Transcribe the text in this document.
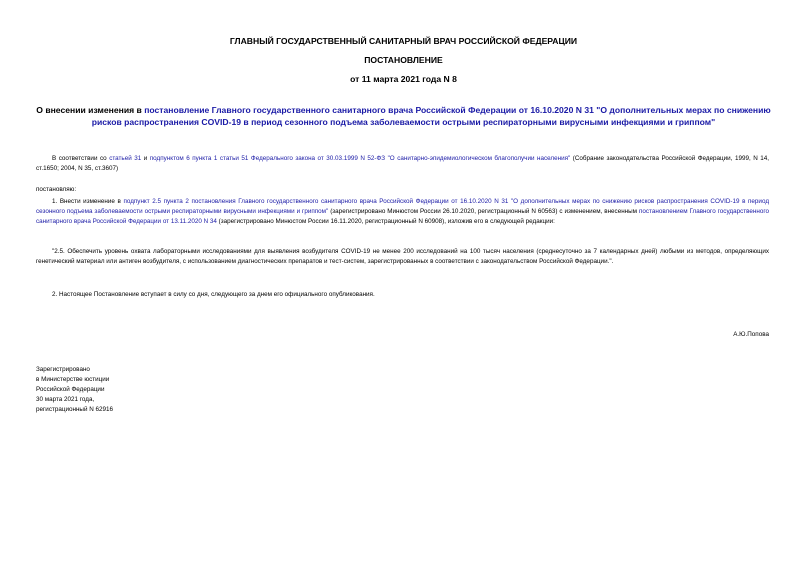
ГЛАВНЫЙ ГОСУДАРСТВЕННЫЙ САНИТАРНЫЙ ВРАЧ РОССИЙСКОЙ ФЕДЕРАЦИИ
ПОСТАНОВЛЕНИЕ
от 11 марта 2021 года N 8
О внесении изменения в постановление Главного государственного санитарного врача Российской Федерации от 16.10.2020 N 31 "О дополнительных мерах по снижению рисков распространения COVID-19 в период сезонного подъема заболеваемости острыми респираторными вирусными инфекциями и гриппом"
В соответствии со статьей 31 и подпунктом 6 пункта 1 статьи 51 Федерального закона от 30.03.1999 N 52-ФЗ "О санитарно-эпидемиологическом благополучии населения" (Собрание законодательства Российской Федерации, 1999, N 14, ст.1650; 2004, N 35, ст.3607)
постановляю:
1. Внести изменение в подпункт 2.5 пункта 2 постановления Главного государственного санитарного врача Российской Федерации от 16.10.2020 N 31 "О дополнительных мерах по снижению рисков распространения COVID-19 в период сезонного подъема заболеваемости острыми респираторными вирусными инфекциями и гриппом" (зарегистрировано Минюстом России 26.10.2020, регистрационный N 60563) с изменением, внесенным постановлением Главного государственного санитарного врача Российской Федерации от 13.11.2020 N 34 (зарегистрировано Минюстом России 16.11.2020, регистрационный N 60908), изложив его в следующей редакции:
"2.5. Обеспечить уровень охвата лабораторными исследованиями для выявления возбудителя COVID-19 не менее 200 исследований на 100 тысяч населения (среднесуточно за 7 календарных дней) любыми из методов, определяющих генетический материал или антиген возбудителя, с использованием диагностических препаратов и тест-систем, зарегистрированных в соответствии с законодательством Российской Федерации.".
2. Настоящее Постановление вступает в силу со дня, следующего за днем его официального опубликования.
А.Ю.Попова
Зарегистрировано
в Министерстве юстиции
Российской Федерации
30 марта 2021 года,
регистрационный N 62916
